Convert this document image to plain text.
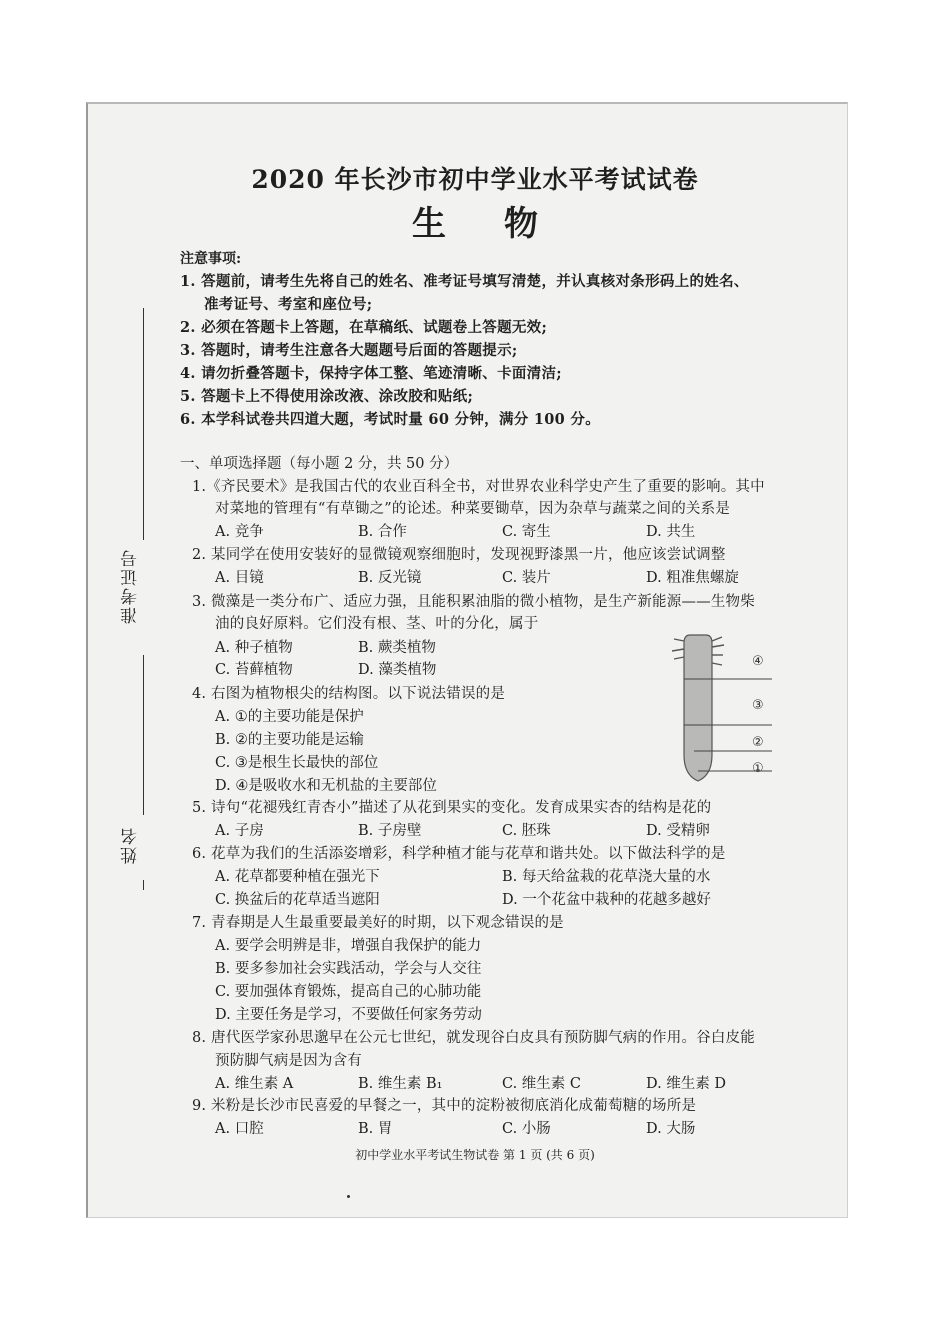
2020 年长沙市初中学业水平考试试卷
生物
注意事项:
1. 答题前，请考生先将自己的姓名、准考证号填写清楚，并认真核对条形码上的姓名、
准考证号、考室和座位号;
2. 必须在答题卡上答题，在草稿纸、试题卷上答题无效;
3. 答题时，请考生注意各大题题号后面的答题提示;
4. 请勿折叠答题卡，保持字体工整、笔迹清晰、卡面清洁;
5. 答题卡上不得使用涂改液、涂改胶和贴纸;
6. 本学科试卷共四道大题，考试时量 60 分钟，满分 100 分。
准考证号
姓名
一、单项选择题（每小题 2 分，共 50 分）
1.《齐民要术》是我国古代的农业百科全书，对世界农业科学史产生了重要的影响。其中
对菜地的管理有“有草锄之”的论述。种菜要锄草，因为杂草与蔬菜之间的关系是
A. 竞争	B. 合作	C. 寄生	D. 共生
2. 某同学在使用安装好的显微镜观察细胞时，发现视野漆黑一片，他应该尝试调整
A. 目镜	B. 反光镜	C. 装片	D. 粗准焦螺旋
3. 微藻是一类分布广、适应力强，且能积累油脂的微小植物，是生产新能源——生物柴
油的良好原料。它们没有根、茎、叶的分化，属于
A. 种子植物	B. 蕨类植物
C. 苔藓植物	D. 藻类植物
4. 右图为植物根尖的结构图。以下说法错误的是
A. ①的主要功能是保护
B. ②的主要功能是运输
C. ③是根生长最快的部位
D. ④是吸收水和无机盐的主要部位
④
③
②
①
5. 诗句“花褪残红青杏小”描述了从花到果实的变化。发育成果实杏的结构是花的
A. 子房	B. 子房壁	C. 胚珠	D. 受精卵
6. 花草为我们的生活添姿增彩，科学种植才能与花草和谐共处。以下做法科学的是
A. 花草都要种植在强光下	B. 每天给盆栽的花草浇大量的水
C. 换盆后的花草适当遮阳	D. 一个花盆中栽种的花越多越好
7. 青春期是人生最重要最美好的时期，以下观念错误的是
A. 要学会明辨是非，增强自我保护的能力
B. 要多参加社会实践活动，学会与人交往
C. 要加强体育锻炼，提高自己的心肺功能
D. 主要任务是学习，不要做任何家务劳动
8. 唐代医学家孙思邈早在公元七世纪，就发现谷白皮具有预防脚气病的作用。谷白皮能
预防脚气病是因为含有
A. 维生素 A	B. 维生素 B₁	C. 维生素 C	D. 维生素 D
9. 米粉是长沙市民喜爱的早餐之一，其中的淀粉被彻底消化成葡萄糖的场所是
A. 口腔	B. 胃	C. 小肠	D. 大肠
初中学业水平考试生物试卷 第 1 页 (共 6 页)
